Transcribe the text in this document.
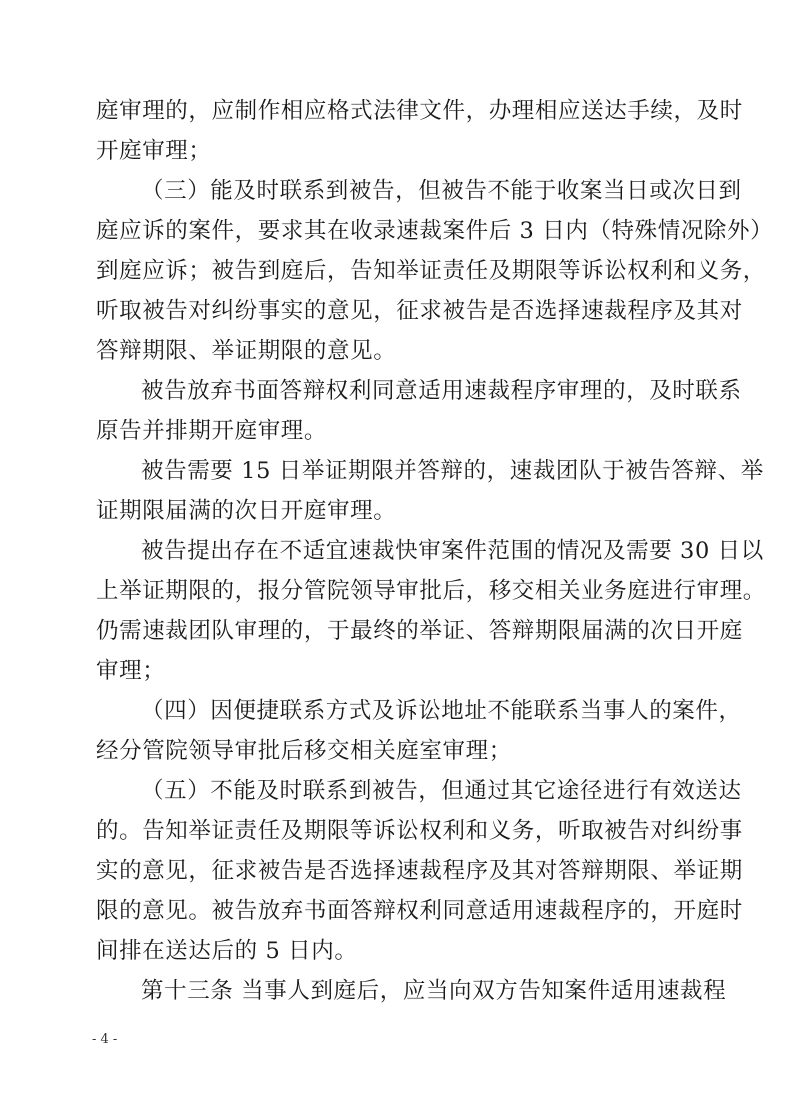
庭审理的，应制作相应格式法律文件，办理相应送达手续，及时
开庭审理；
（三）能及时联系到被告，但被告不能于收案当日或次日到
庭应诉的案件，要求其在收录速裁案件后 3 日内（特殊情况除外）
到庭应诉；被告到庭后，告知举证责任及期限等诉讼权利和义务，
听取被告对纠纷事实的意见，征求被告是否选择速裁程序及其对
答辩期限、举证期限的意见。
被告放弃书面答辩权利同意适用速裁程序审理的，及时联系
原告并排期开庭审理。
被告需要 15 日举证期限并答辩的，速裁团队于被告答辩、举
证期限届满的次日开庭审理。
被告提出存在不适宜速裁快审案件范围的情况及需要 30 日以
上举证期限的，报分管院领导审批后，移交相关业务庭进行审理。
仍需速裁团队审理的，于最终的举证、答辩期限届满的次日开庭
审理；
（四）因便捷联系方式及诉讼地址不能联系当事人的案件，
经分管院领导审批后移交相关庭室审理；
（五）不能及时联系到被告，但通过其它途径进行有效送达
的。告知举证责任及期限等诉讼权利和义务，听取被告对纠纷事
实的意见，征求被告是否选择速裁程序及其对答辩期限、举证期
限的意见。被告放弃书面答辩权利同意适用速裁程序的，开庭时
间排在送达后的 5 日内。
第十三条 当事人到庭后，应当向双方告知案件适用速裁程
- 4 -
